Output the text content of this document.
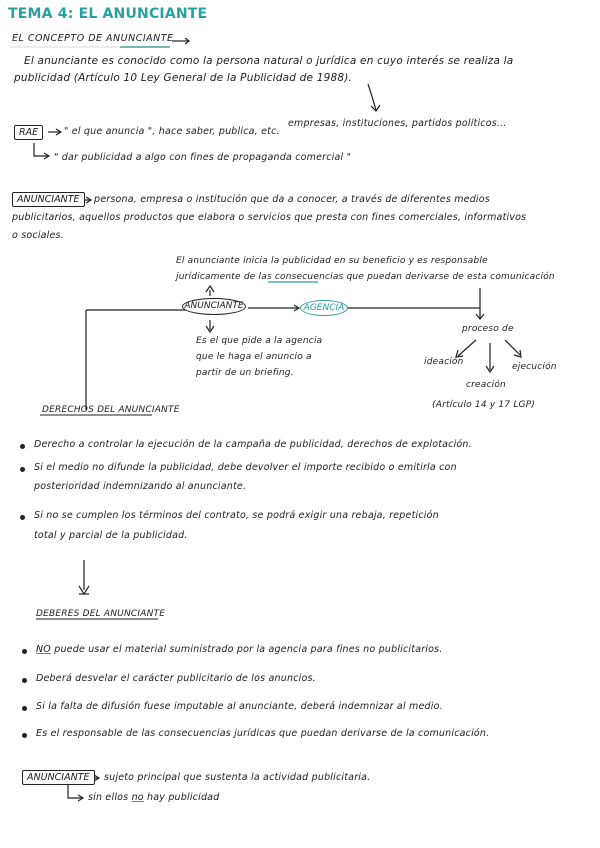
TEMA 4: EL ANUNCIANTE
EL CONCEPTO DE ANUNCIANTE
El anunciante es conocido como la persona natural o jurídica en cuyo interés se realiza la
publicidad (Artículo 10 Ley General de la Publicidad de 1988).
empresas, instituciones, partidos políticos...
RAE	" el que anuncia ", hace saber, publica, etc.
" dar publicidad a algo con fines de propaganda comercial "
ANUNCIANTE	persona, empresa o institución que da a conocer, a través de diferentes medios
publicitarios, aquellos productos que elabora o servicios que presta con fines comerciales, informativos
o sociales.
El anunciante inicia la publicidad en su beneficio y es responsable
jurídicamente de las consecuencias que puedan derivarse de esta comunicación
ANUNCIANTE	AGENCIA
Es el que pide a la agencia
que le haga el anuncio a
partir de un briefing.
proceso de
ideación
creación
ejecución
(Artículo 14 y 17 LGP)
DERECHOS DEL ANUNCIANTE
Derecho a controlar la ejecución de la campaña de publicidad, derechos de explotación.
Si el medio no difunde la publicidad, debe devolver el importe recibido o emitirla con
posterioridad indemnizando al anunciante.
Si no se cumplen los términos del contrato, se podrá exigir una rebaja, repetición
total y parcial de la publicidad.
DEBERES DEL ANUNCIANTE
NO puede usar el material suministrado por la agencia para fines no publicitarios.
Deberá desvelar el carácter publicitario de los anuncios.
Si la falta de difusión fuese imputable al anunciante, deberá indemnizar al medio.
Es el responsable de las consecuencias jurídicas que puedan derivarse de la comunicación.
ANUNCIANTE	sujeto principal que sustenta la actividad publicitaria.
sin ellos no hay publicidad
